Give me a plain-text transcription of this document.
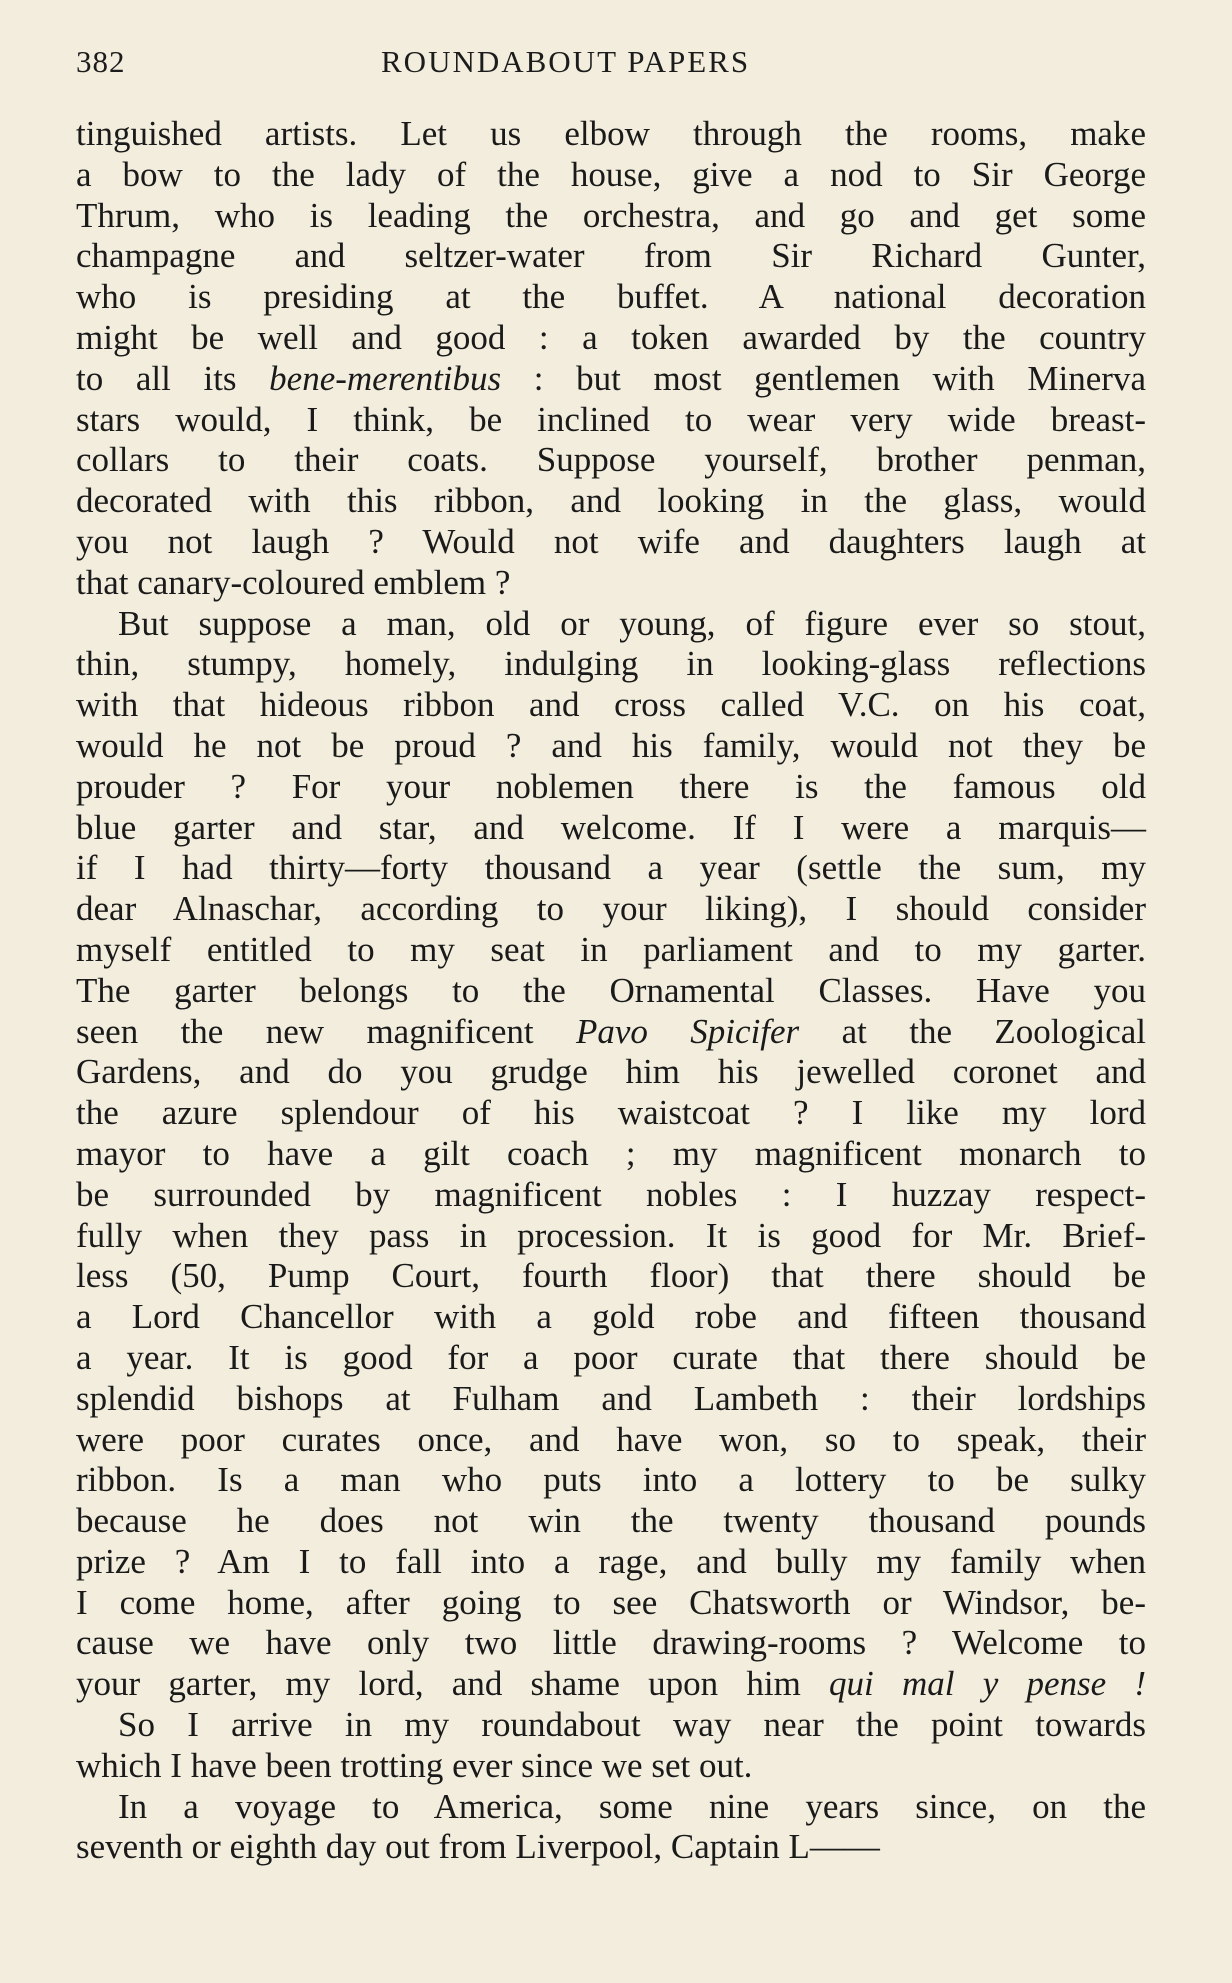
382	ROUNDABOUT PAPERS
tinguished artists. Let us elbow through the rooms, make
a bow to the lady of the house, give a nod to Sir George
Thrum, who is leading the orchestra, and go and get some
champagne and seltzer-water from Sir Richard Gunter,
who is presiding at the buffet. A national decoration
might be well and good : a token awarded by the country
to all its bene-merentibus : but most gentlemen with Minerva
stars would, I think, be inclined to wear very wide breast-
collars to their coats. Suppose yourself, brother penman,
decorated with this ribbon, and looking in the glass, would
you not laugh ? Would not wife and daughters laugh at
that canary-coloured emblem ?
But suppose a man, old or young, of figure ever so stout,
thin, stumpy, homely, indulging in looking-glass reflections
with that hideous ribbon and cross called V.C. on his coat,
would he not be proud ? and his family, would not they be
prouder ? For your noblemen there is the famous old
blue garter and star, and welcome. If I were a marquis—
if I had thirty—forty thousand a year (settle the sum, my
dear Alnaschar, according to your liking), I should consider
myself entitled to my seat in parliament and to my garter.
The garter belongs to the Ornamental Classes. Have you
seen the new magnificent Pavo Spicifer at the Zoological
Gardens, and do you grudge him his jewelled coronet and
the azure splendour of his waistcoat ? I like my lord
mayor to have a gilt coach ; my magnificent monarch to
be surrounded by magnificent nobles : I huzzay respect-
fully when they pass in procession. It is good for Mr. Brief-
less (50, Pump Court, fourth floor) that there should be
a Lord Chancellor with a gold robe and fifteen thousand
a year. It is good for a poor curate that there should be
splendid bishops at Fulham and Lambeth : their lordships
were poor curates once, and have won, so to speak, their
ribbon. Is a man who puts into a lottery to be sulky
because he does not win the twenty thousand pounds
prize ? Am I to fall into a rage, and bully my family when
I come home, after going to see Chatsworth or Windsor, be-
cause we have only two little drawing-rooms ? Welcome to
your garter, my lord, and shame upon him qui mal y pense !
So I arrive in my roundabout way near the point towards
which I have been trotting ever since we set out.
In a voyage to America, some nine years since, on the
seventh or eighth day out from Liverpool, Captain L——
